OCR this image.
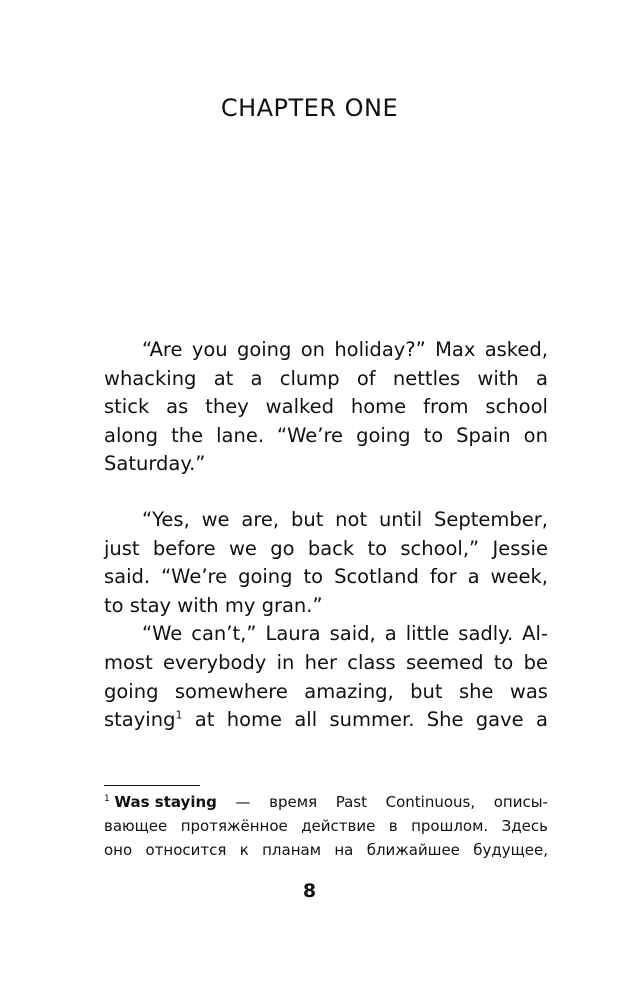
CHAPTER ONE
“Are you going on holiday?” Max asked,
whacking at a clump of nettles with a
stick as they walked home from school
along the lane. “We’re going to Spain on
Saturday.”
“Yes, we are, but not until September,
just before we go back to school,” Jessie
said. “We’re going to Scotland for a week,
to stay with my gran.”
“We can’t,” Laura said, a little sadly. Al-
most everybody in her class seemed to be
going somewhere amazing, but she was
staying$^1$ at home all summer. She gave a
$^1$ Was staying — время Past Continuous, описы-
вающее протяжённое действие в прошлом. Здесь
оно относится к планам на ближайшее будущее,
8
